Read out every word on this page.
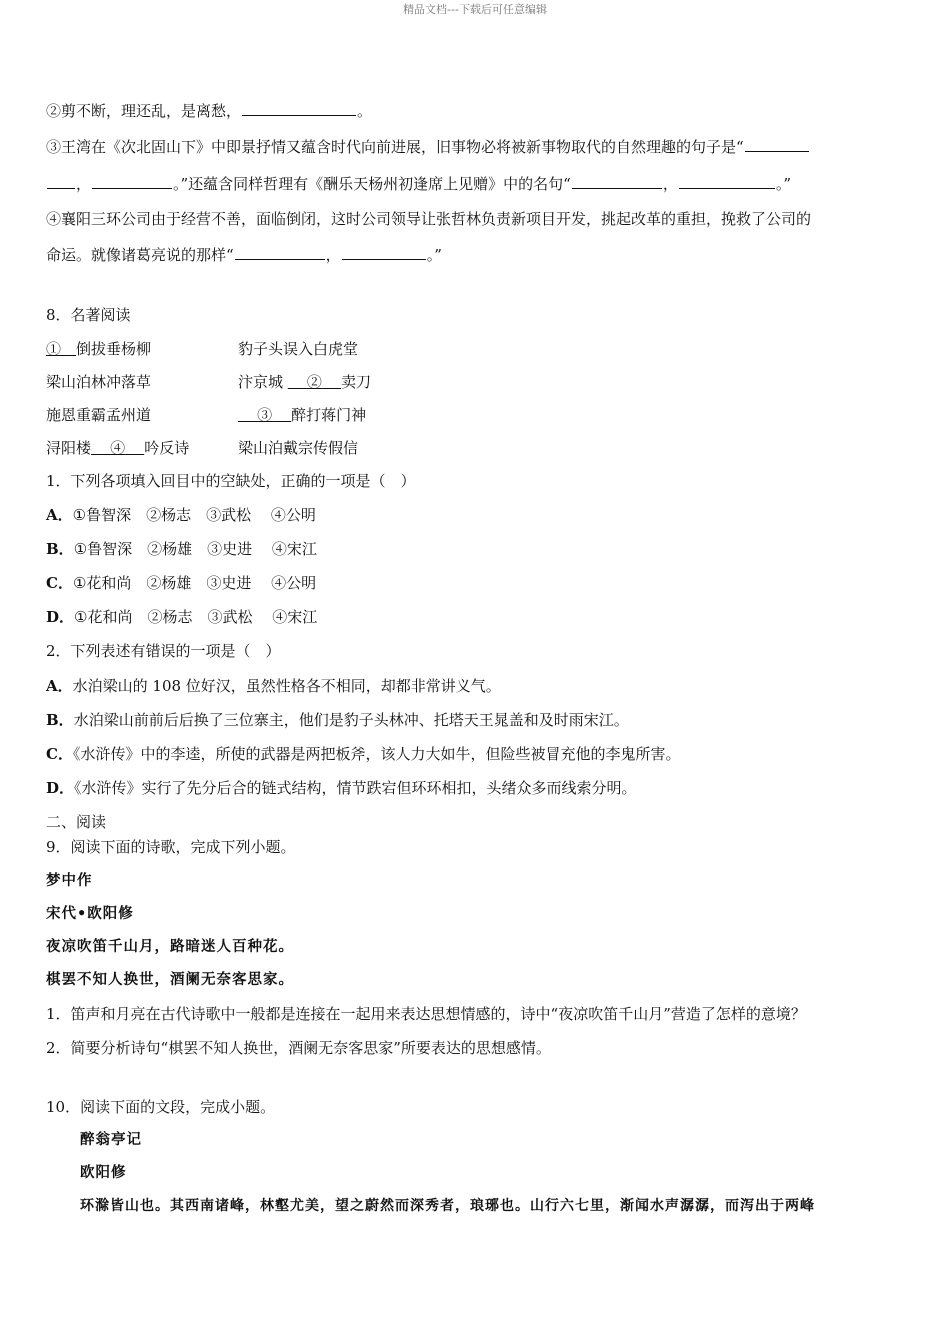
精品文档---下载后可任意编辑
②剪不断，理还乱，是离愁，	。
③王湾在《次北固山下》中即景抒情又蕴含时代向前进展，旧事物必将被新事物取代的自然理趣的句子是“
，	。”还蕴含同样哲理有《酬乐天杨州初逢席上见赠》中的名句“	，	。”
④襄阳三环公司由于经营不善，面临倒闭，这时公司领导让张哲林负责新项目开发，挑起改革的重担，挽救了公司的
命运。就像诸葛亮说的那样“	，	。”
8．名著阅读
①　 倒拔垂杨柳	豹子头误入白虎堂
梁山泊林冲落草	汴京城 ② 卖刀
施恩重霸孟州道	③ 醉打蒋门神
浔阳楼 ④ 吟反诗	梁山泊戴宗传假信
1．下列各项填入回目中的空缺处，正确的一项是（　）
A．①鲁智深　②杨志　③武松　 ④公明
B．①鲁智深　②杨雄　③史进　 ④宋江
C．①花和尚　②杨雄　③史进　 ④公明
D．①花和尚　②杨志　③武松　 ④宋江
2．下列表述有错误的一项是（　）
A．水泊梁山的 108 位好汉，虽然性格各不相同，却都非常讲义气。
B．水泊梁山前前后后换了三位寨主，他们是豹子头林冲、托塔天王晁盖和及时雨宋江。
C．《水浒传》中的李逵，所使的武器是两把板斧，该人力大如牛，但险些被冒充他的李鬼所害。
D．《水浒传》实行了先分后合的链式结构，情节跌宕但环环相扣，头绪众多而线索分明。
二、阅读
9．阅读下面的诗歌，完成下列小题。
梦中作
宋代•欧阳修
夜凉吹笛千山月，路暗迷人百种花。
棋罢不知人换世，酒阑无奈客思家。
1．笛声和月亮在古代诗歌中一般都是连接在一起用来表达思想情感的，诗中“夜凉吹笛千山月”营造了怎样的意境？
2．简要分析诗句“棋罢不知人换世，酒阑无奈客思家”所要表达的思想感情。
10．阅读下面的文段，完成小题。
醉翁亭记
欧阳修
环滁皆山也。其西南诸峰，林壑尤美，望之蔚然而深秀者，琅琊也。山行六七里，渐闻水声潺潺，而泻出于两峰
